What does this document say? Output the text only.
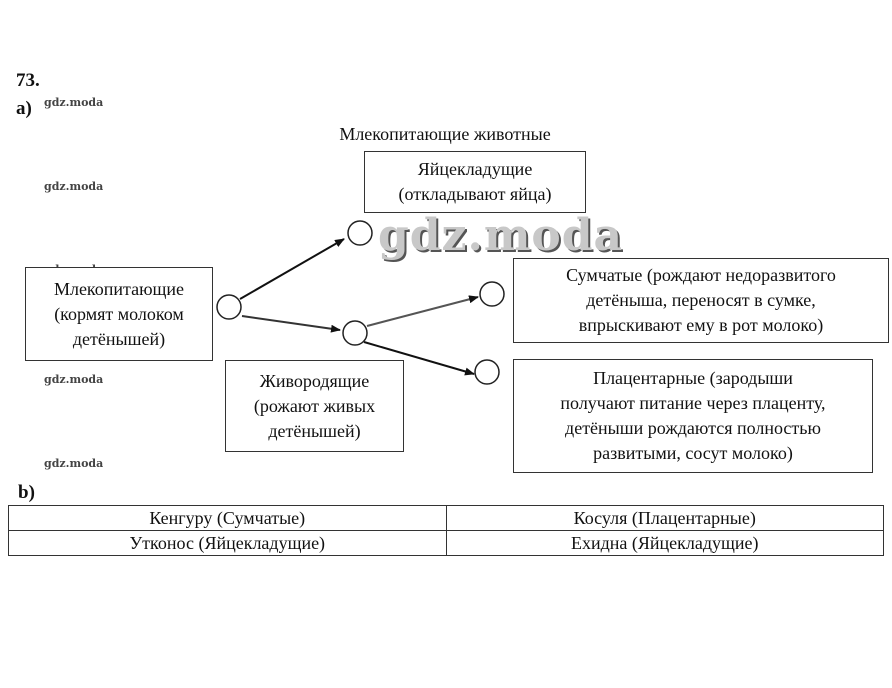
73.
а)
b)
gdz.moda
gdz.moda
gdz.moda
gdz.moda
Млекопитающие животные
Яйцекладущие
(откладывают яйца)
Млекопитающие
(кормят молоком
детёнышей)
Сумчатые (рождают недоразвитого
детёныша, переносят в сумке,
впрыскивают ему в рот молоко)
Живородящие
(рожают живых
детёнышей)
Плацентарные (зародыши
получают питание через плаценту,
детёныши рождаются полностью
развитыми, сосут молоко)
gdz.moda
Кенгуру (Сумчатые)	Косуля (Плацентарные)
Утконос (Яйцекладущие)	Ехидна (Яйцекладущие)
